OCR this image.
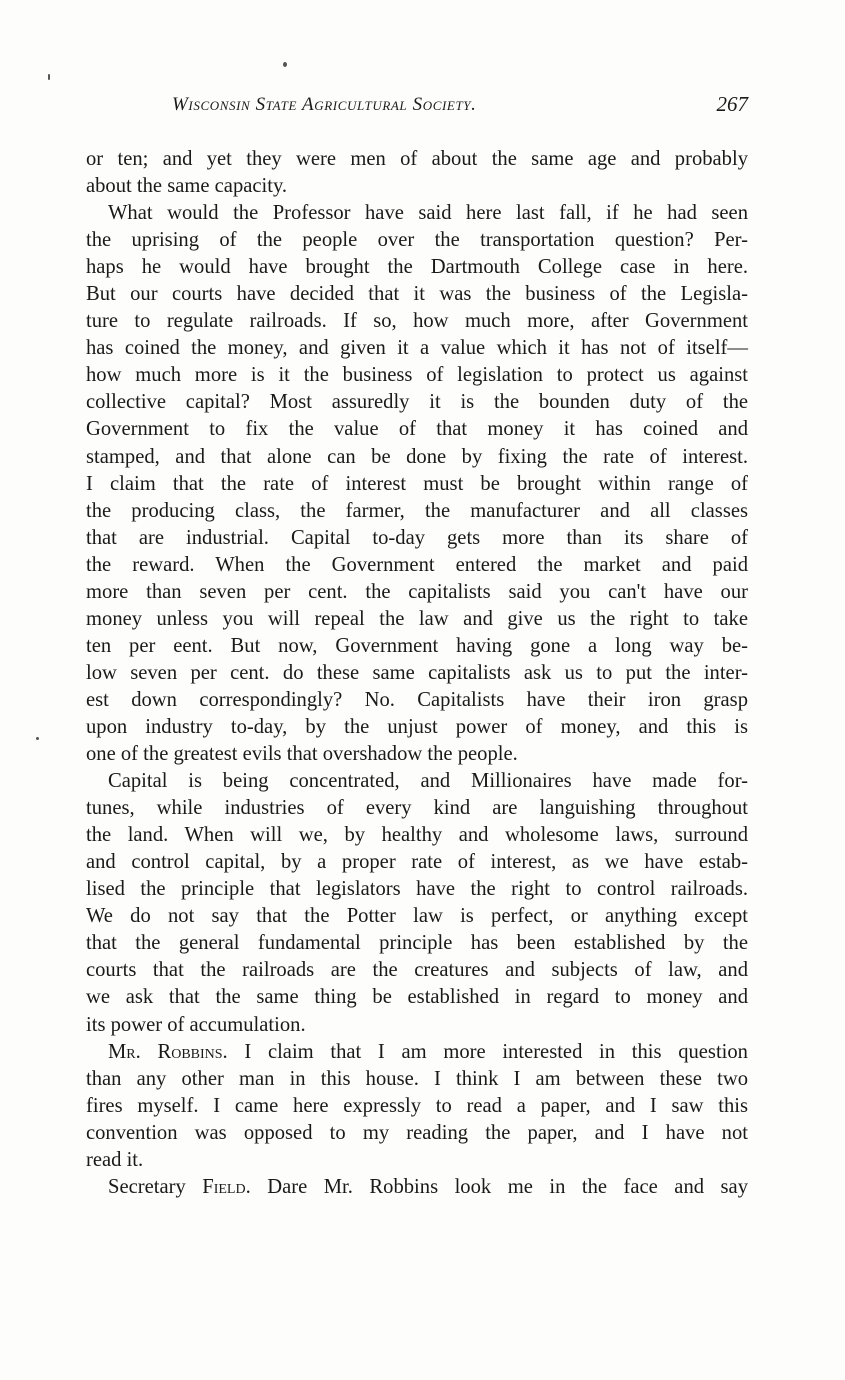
Wisconsin State Agricultural Society.	267
or ten; and yet they were men of about the same age and probably
about the same capacity.
What would the Professor have said here last fall, if he had seen
the uprising of the people over the transportation question? Per-
haps he would have brought the Dartmouth College case in here.
But our courts have decided that it was the business of the Legisla-
ture to regulate railroads. If so, how much more, after Government
has coined the money, and given it a value which it has not of itself—
how much more is it the business of legislation to protect us against
collective capital? Most assuredly it is the bounden duty of the
Government to fix the value of that money it has coined and
stamped, and that alone can be done by fixing the rate of interest.
I claim that the rate of interest must be brought within range of
the producing class, the farmer, the manufacturer and all classes
that are industrial. Capital to-day gets more than its share of
the reward. When the Government entered the market and paid
more than seven per cent. the capitalists said you can't have our
money unless you will repeal the law and give us the right to take
ten per eent. But now, Government having gone a long way be-
low seven per cent. do these same capitalists ask us to put the inter-
est down correspondingly? No. Capitalists have their iron grasp
upon industry to-day, by the unjust power of money, and this is
one of the greatest evils that overshadow the people.
Capital is being concentrated, and Millionaires have made for-
tunes, while industries of every kind are languishing throughout
the land. When will we, by healthy and wholesome laws, surround
and control capital, by a proper rate of interest, as we have estab-
lised the principle that legislators have the right to control railroads.
We do not say that the Potter law is perfect, or anything except
that the general fundamental principle has been established by the
courts that the railroads are the creatures and subjects of law, and
we ask that the same thing be established in regard to money and
its power of accumulation.
Mr. Robbins. I claim that I am more interested in this question
than any other man in this house. I think I am between these two
fires myself. I came here expressly to read a paper, and I saw this
convention was opposed to my reading the paper, and I have not
read it.
Secretary Field. Dare Mr. Robbins look me in the face and say
